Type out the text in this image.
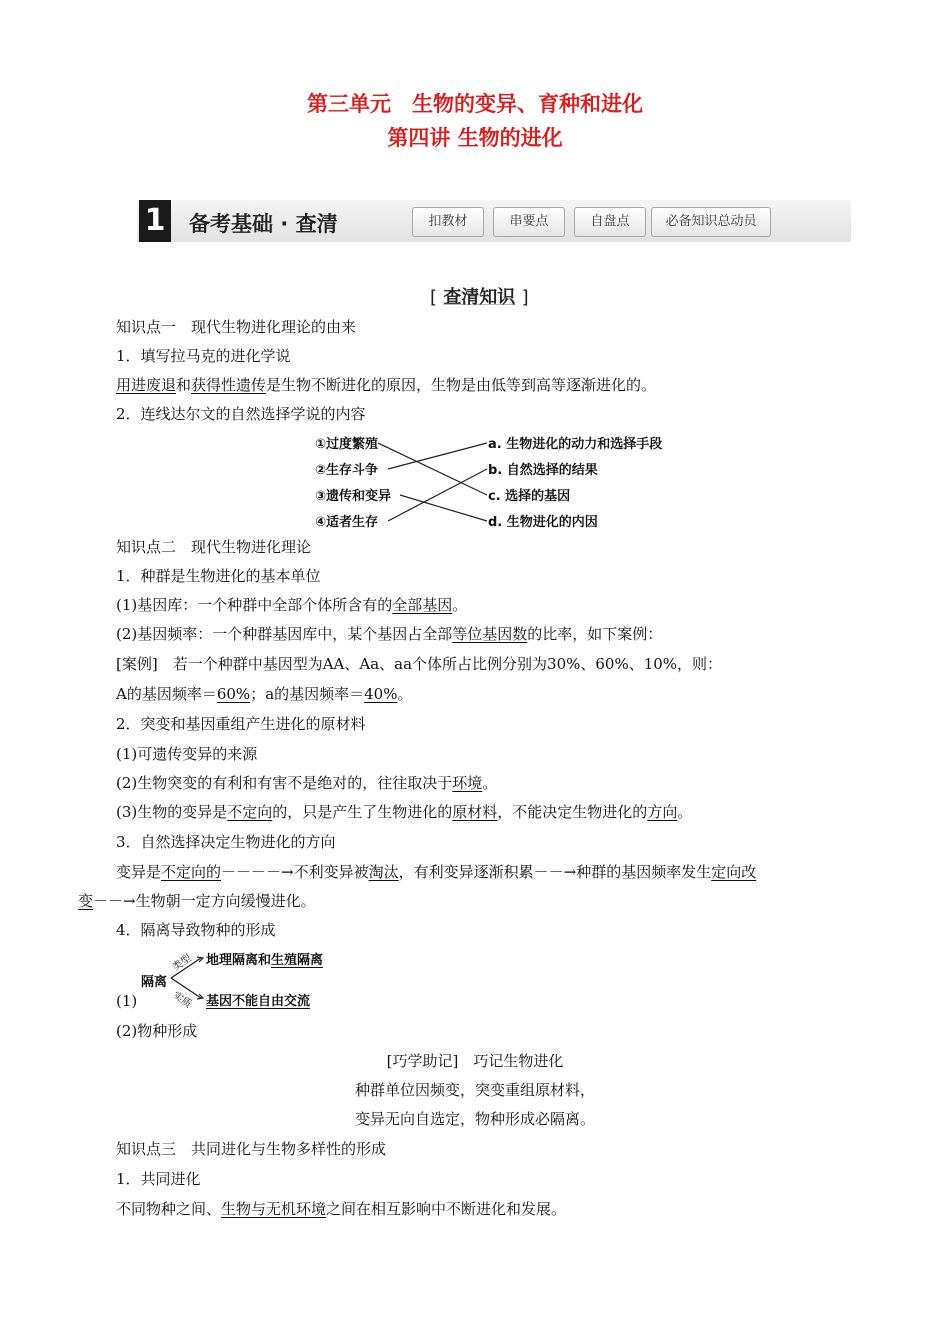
第三单元　生物的变异、育种和进化
第四讲 生物的进化
1 备考基础 · 查清	扣教材	串要点	自盘点	必备知识总动员
[ 查清知识 ]
知识点一　现代生物进化理论的由来
1．填写拉马克的进化学说
用进废退和获得性遗传是生物不断进化的原因，生物是由低等到高等逐渐进化的。
2．连线达尔文的自然选择学说的内容
①过度繁殖
②生存斗争
③遗传和变异
④适者生存
a. 生物进化的动力和选择手段
b. 自然选择的结果
c. 选择的基因
d. 生物进化的内因
知识点二　现代生物进化理论
1．种群是生物进化的基本单位
(1)基因库：一个种群中全部个体所含有的全部基因。
(2)基因频率：一个种群基因库中，某个基因占全部等位基因数的比率，如下案例：
[案例]　若一个种群中基因型为AA、Aa、aa个体所占比例分别为30%、60%、10%，则：
A的基因频率＝60%；a的基因频率＝40%。
2．突变和基因重组产生进化的原材料
(1)可遗传变异的来源
(2)生物突变的有利和有害不是绝对的，往往取决于环境。
(3)生物的变异是不定向的，只是产生了生物进化的原材料，不能决定生物进化的方向。
3．自然选择决定生物进化的方向
变异是不定向的－－－－→不利变异被淘汰，有利变异逐渐积累－－→种群的基因频率发生定向改
变－－→生物朝一定方向缓慢进化。
4．隔离导致物种的形成
隔离
类型
实质
地理隔离和生殖隔离
基因不能自由交流
(1)
(2)物种形成
[巧学助记]　巧记生物进化
种群单位因频变，突变重组原材料，
变异无向自选定，物种形成必隔离。
知识点三　共同进化与生物多样性的形成
1．共同进化
不同物种之间、生物与无机环境之间在相互影响中不断进化和发展。
